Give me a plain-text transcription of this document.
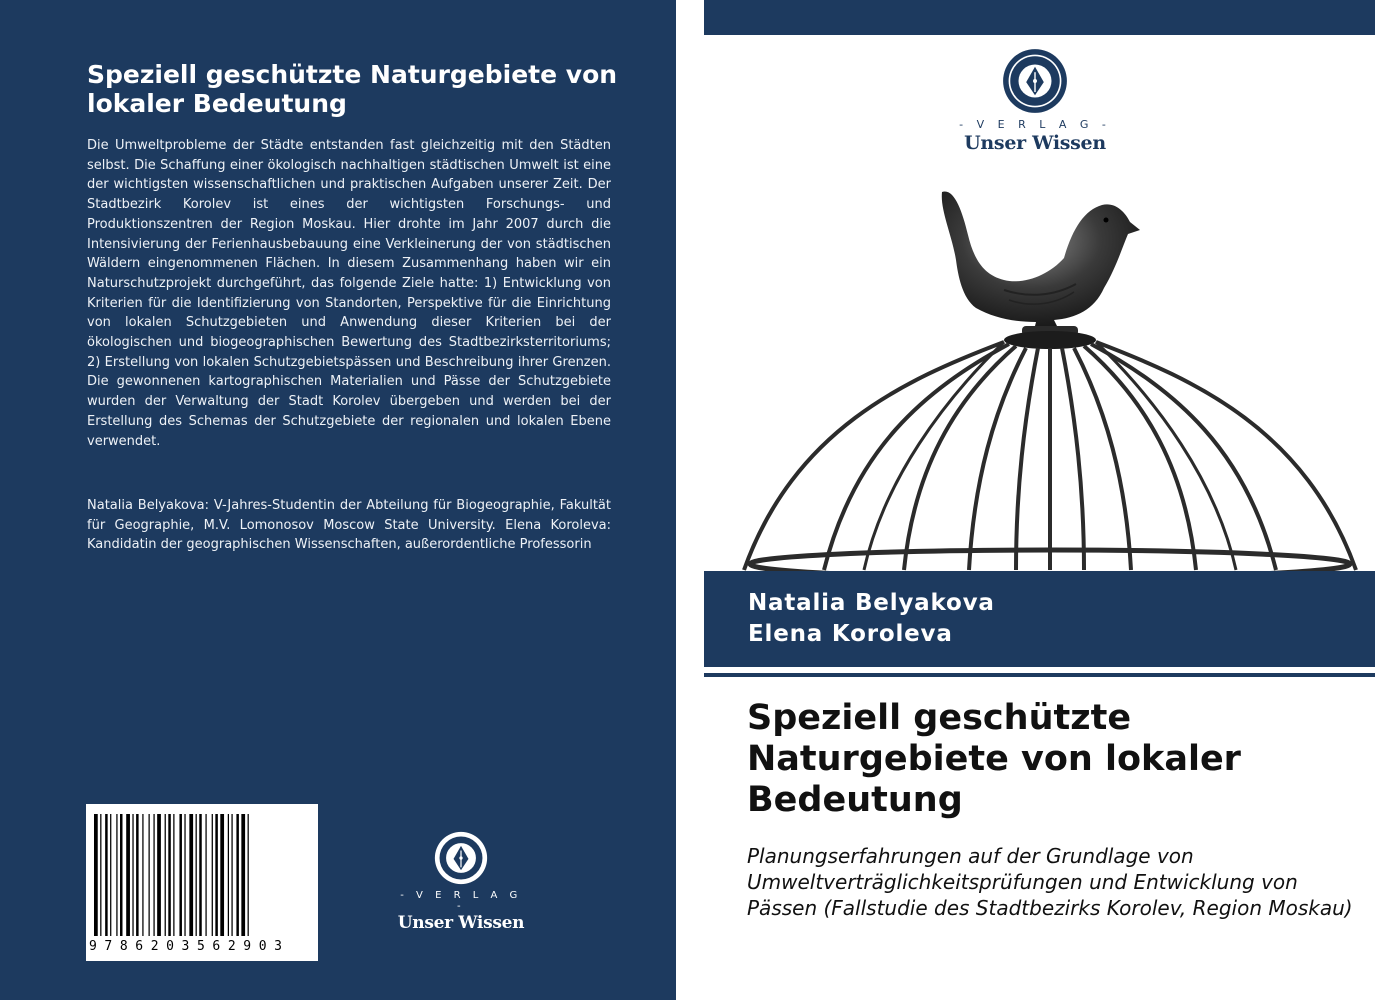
Speziell geschützte Naturgebiete von lokaler Bedeutung
Die Umweltprobleme der Städte entstanden fast gleichzeitig mit den Städten selbst. Die Schaffung einer ökologisch nachhaltigen städtischen Umwelt ist eine der wichtigsten wissenschaftlichen und praktischen Aufgaben unserer Zeit. Der Stadtbezirk Korolev ist eines der wichtigsten Forschungs- und Produktionszentren der Region Moskau. Hier drohte im Jahr 2007 durch die Intensivierung der Ferienhausbebauung eine Verkleinerung der von städtischen Wäldern eingenommenen Flächen. In diesem Zusammenhang haben wir ein Naturschutzprojekt durchgeführt, das folgende Ziele hatte: 1) Entwicklung von Kriterien für die Identifizierung von Standorten, Perspektive für die Einrichtung von lokalen Schutzgebieten und Anwendung dieser Kriterien bei der ökologischen und biogeographischen Bewertung des Stadtbezirksterritoriums; 2) Erstellung von lokalen Schutzgebietspässen und Beschreibung ihrer Grenzen. Die gewonnenen kartographischen Materialien und Pässe der Schutzgebiete wurden der Verwaltung der Stadt Korolev übergeben und werden bei der Erstellung des Schemas der Schutzgebiete der regionalen und lokalen Ebene verwendet.
Natalia Belyakova: V-Jahres-Studentin der Abteilung für Biogeographie, Fakultät für Geographie, M.V. Lomonosov Moscow State University. Elena Koroleva: Kandidatin der geographischen Wissenschaften, außerordentliche Professorin
9786203562903
- V E R L A G -
Unser Wissen
- V E R L A G -
Unser Wissen
Natalia Belyakova
Elena Koroleva
Speziell geschützte Naturgebiete von lokaler Bedeutung
Planungserfahrungen auf der Grundlage von Umweltverträglichkeitsprüfungen und Entwicklung von Pässen (Fallstudie des Stadtbezirks Korolev, Region Moskau)
